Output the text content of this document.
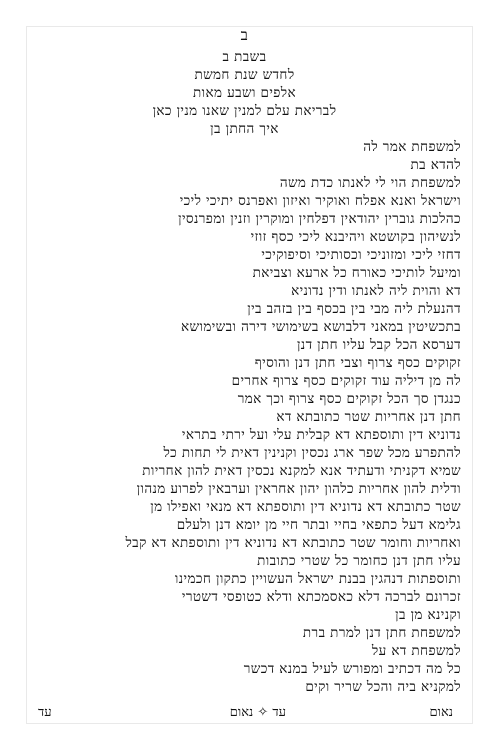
ב
בשבת ב
לחדש שנת חמשת
אלפים ושבע מאות
לבריאת עלם למנין שאנו מנין כאן
איך החתן בן
למשפחת אמר לה
להדא בת
למשפחת הוי לי לאנתו כדת משה
וישראל ואנא אפלח ואוקיר ואיזון ואפרנס יתיכי ליכי
כהלכות גוברין יהודאין דפלחין ומוקרין וזנין ומפרנסין
לנשיהון בקושטא ויהיבנא ליכי כסף זוזי
דחזי ליכי ומזוניכי וכסותיכי וסיפוקיכי
ומיעל לותיכי כאורח כל ארעא וצביאת
דא והוית ליה לאנתו ודין נדוניא
דהנעלת ליה מבי בין בכסף בין בזהב בין
בתכשיטין במאני דלבושא בשימושי דירה ובשימושא
דערסא הכל קבל עליו חתן דנן
זקוקים כסף צרוף וצבי חתן דנן והוסיף
לה מן דיליה עוד זקוקים כסף צרוף אחרים
כנגדן סך הכל זקוקים כסף צרוף וכך אמר
חתן דנן אחריות שטר כתובתא דא
נדוניא דין ותוספתא דא קבלית עלי ועל ירתי בתראי
להתפרע מכל שפר ארג נכסין וקנינין דאית לי תחות כל
שמיא דקניתי ודעתיד אנא למקנא נכסין דאית להון אחריות
ודלית להון אחריות כלהון יהון אחראין וערבאין לפרוע מנהון
שטר כתובתא דא נדוניא דין ותוספתא דא מנאי ואפילו מן
גלימא דעל כתפאי בחיי ובתר חיי מן יומא דנן ולעלם
ואחריות וחומר שטר כתובתא דא נדוניא דין ותוספתא דא קבל
עליו חתן דנן כחומר כל שטרי כתובות
ותוספתות דנהגין בבנת ישראל העשויין כתקון חכמינו
זכרונם לברכה דלא כאסמכתא ודלא כטופסי דשטרי
וקנינא מן בן
למשפחת חתן דנן למרת ברת
למשפחת דא על
כל מה דכתיב ומפורש לעיל במנא דכשר
למקניא ביה והכל שריר וקים
נאום
עד ✧ נאום
עד
